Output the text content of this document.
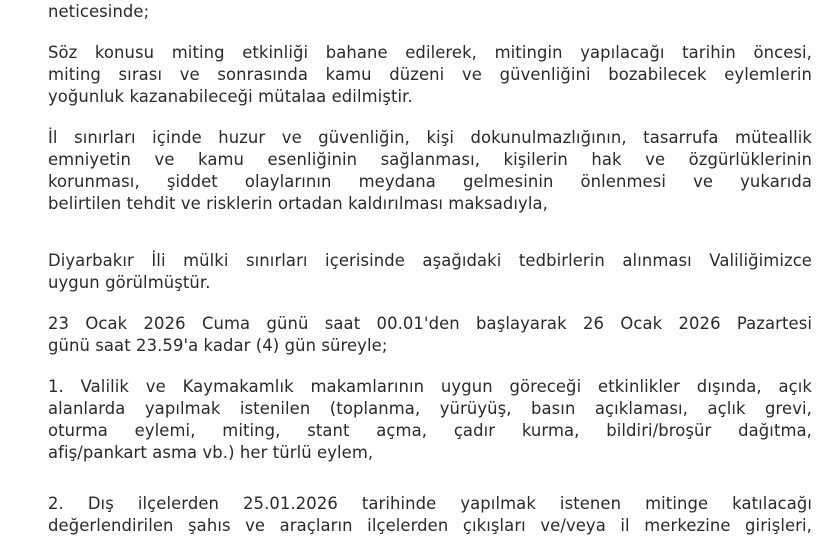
neticesinde;

Söz konusu miting etkinliği bahane edilerek, mitingin yapılacağı tarihin öncesi,
miting sırası ve sonrasında kamu düzeni ve güvenliğini bozabilecek eylemlerin
yoğunluk kazanabileceği mütalaa edilmiştir.

İl sınırları içinde huzur ve güvenliğin, kişi dokunulmazlığının, tasarrufa müteallik
emniyetin ve kamu esenliğinin sağlanması, kişilerin hak ve özgürlüklerinin
korunması, şiddet olaylarının meydana gelmesinin önlenmesi ve yukarıda
belirtilen tehdit ve risklerin ortadan kaldırılması maksadıyla,

Diyarbakır İli mülki sınırları içerisinde aşağıdaki tedbirlerin alınması Valiliğimizce
uygun görülmüştür.

23 Ocak 2026 Cuma günü saat 00.01'den başlayarak 26 Ocak 2026 Pazartesi
günü saat 23.59'a kadar (4) gün süreyle;

1. Valilik ve Kaymakamlık makamlarının uygun göreceği etkinlikler dışında, açık
alanlarda yapılmak istenilen (toplanma, yürüyüş, basın açıklaması, açlık grevi,
oturma eylemi, miting, stant açma, çadır kurma, bildiri/broşür dağıtma,
afiş/pankart asma vb.) her türlü eylem,

2. Dış ilçelerden 25.01.2026 tarihinde yapılmak istenen mitinge katılacağı
değerlendirilen şahıs ve araçların ilçelerden çıkışları ve/veya il merkezine girişleri,
